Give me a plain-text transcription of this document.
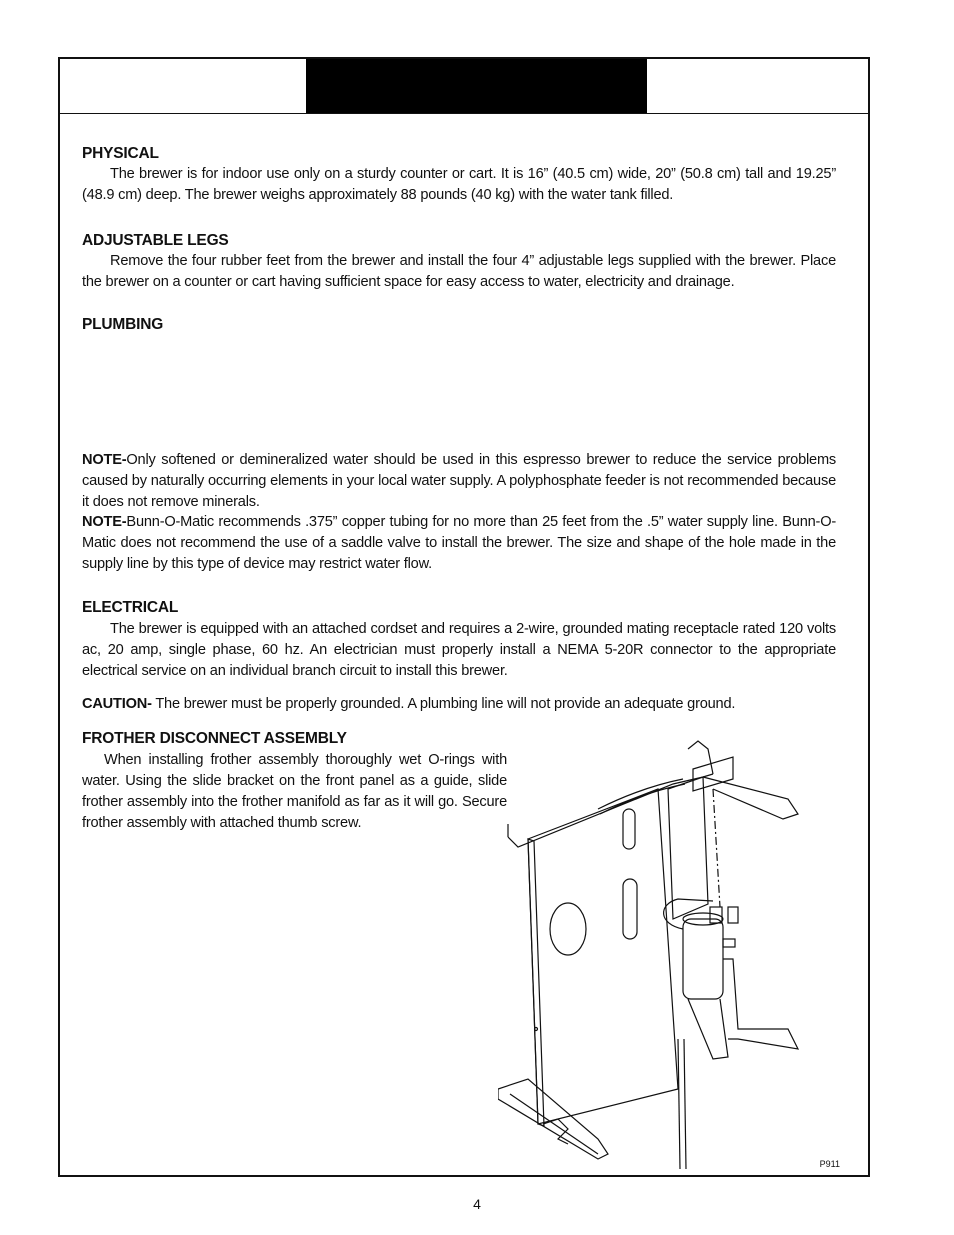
PHYSICAL
The brewer is for indoor use only on a sturdy counter or cart. It is 16” (40.5 cm) wide, 20” (50.8 cm) tall and 19.25” (48.9 cm) deep. The brewer weighs approximately 88 pounds (40 kg) with the water tank filled.
ADJUSTABLE LEGS
Remove the four rubber feet from the brewer and install the four 4” adjustable legs supplied with the brewer. Place the brewer on a counter or cart having sufficient space for easy access to water, electricity and drainage.
PLUMBING
NOTE-Only softened or demineralized water should be used in this espresso brewer to reduce the service problems caused by naturally occurring elements in your local water supply. A polyphosphate feeder is not recommended because it does not remove minerals.
NOTE-Bunn-O-Matic recommends .375” copper tubing for no more than 25 feet from the .5” water supply line. Bunn-O-Matic does not recommend the use of a saddle valve to install the brewer. The size and shape of the hole made in the supply line by this type of device may restrict water flow.
ELECTRICAL
The brewer is equipped with an attached cordset and requires a 2-wire, grounded mating receptacle rated 120 volts ac, 20 amp, single phase, 60 hz. An electrician must properly install a NEMA 5-20R connector to the appropriate electrical service on an individual branch circuit to install this brewer.
CAUTION- The brewer must be properly grounded. A plumbing line will not provide an adequate ground.
FROTHER DISCONNECT ASSEMBLY
When installing frother assembly thoroughly wet O-rings with water. Using the slide bracket on the front panel as a guide, slide frother assembly into the frother manifold as far as it will go. Secure frother assembly with attached thumb screw.
P911
4
